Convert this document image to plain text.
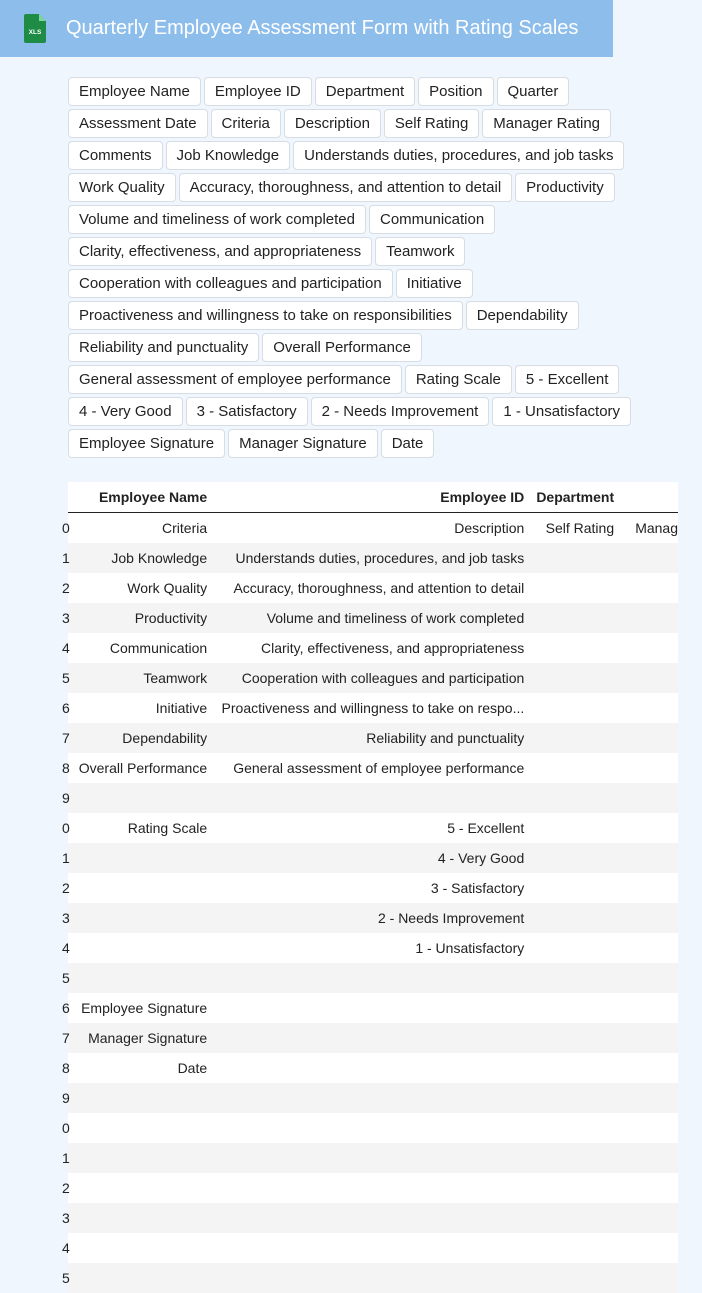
XLS Quarterly Employee Assessment Form with Rating Scales
Employee Name	Employee ID	Department	Position	Quarter
Assessment Date	Criteria	Description	Self Rating	Manager Rating
Comments	Job Knowledge	Understands duties, procedures, and job tasks
Work Quality	Accuracy, thoroughness, and attention to detail	Productivity
Volume and timeliness of work completed	Communication
Clarity, effectiveness, and appropriateness	Teamwork
Cooperation with colleagues and participation	Initiative
Proactiveness and willingness to take on responsibilities	Dependability
Reliability and punctuality	Overall Performance
General assessment of employee performance	Rating Scale	5 - Excellent
4 - Very Good	3 - Satisfactory	2 - Needs Improvement	1 - Unsatisfactory
Employee Signature	Manager Signature	Date
	Employee Name	Employee ID	Department	
0	Criteria	Description	Self Rating	Manag
1	Job Knowledge	Understands duties, procedures, and job tasks		
2	Work Quality	Accuracy, thoroughness, and attention to detail		
3	Productivity	Volume and timeliness of work completed		
4	Communication	Clarity, effectiveness, and appropriateness		
5	Teamwork	Cooperation with colleagues and participation		
6	Initiative	Proactiveness and willingness to take on respo...		
7	Dependability	Reliability and punctuality		
8	Overall Performance	General assessment of employee performance		
9				
0	Rating Scale	5 - Excellent		
1		4 - Very Good		
2		3 - Satisfactory		
3		2 - Needs Improvement		
4		1 - Unsatisfactory		
5				
6	Employee Signature			
7	Manager Signature			
8	Date			
9				
0				
1				
2				
3				
4				
5				
